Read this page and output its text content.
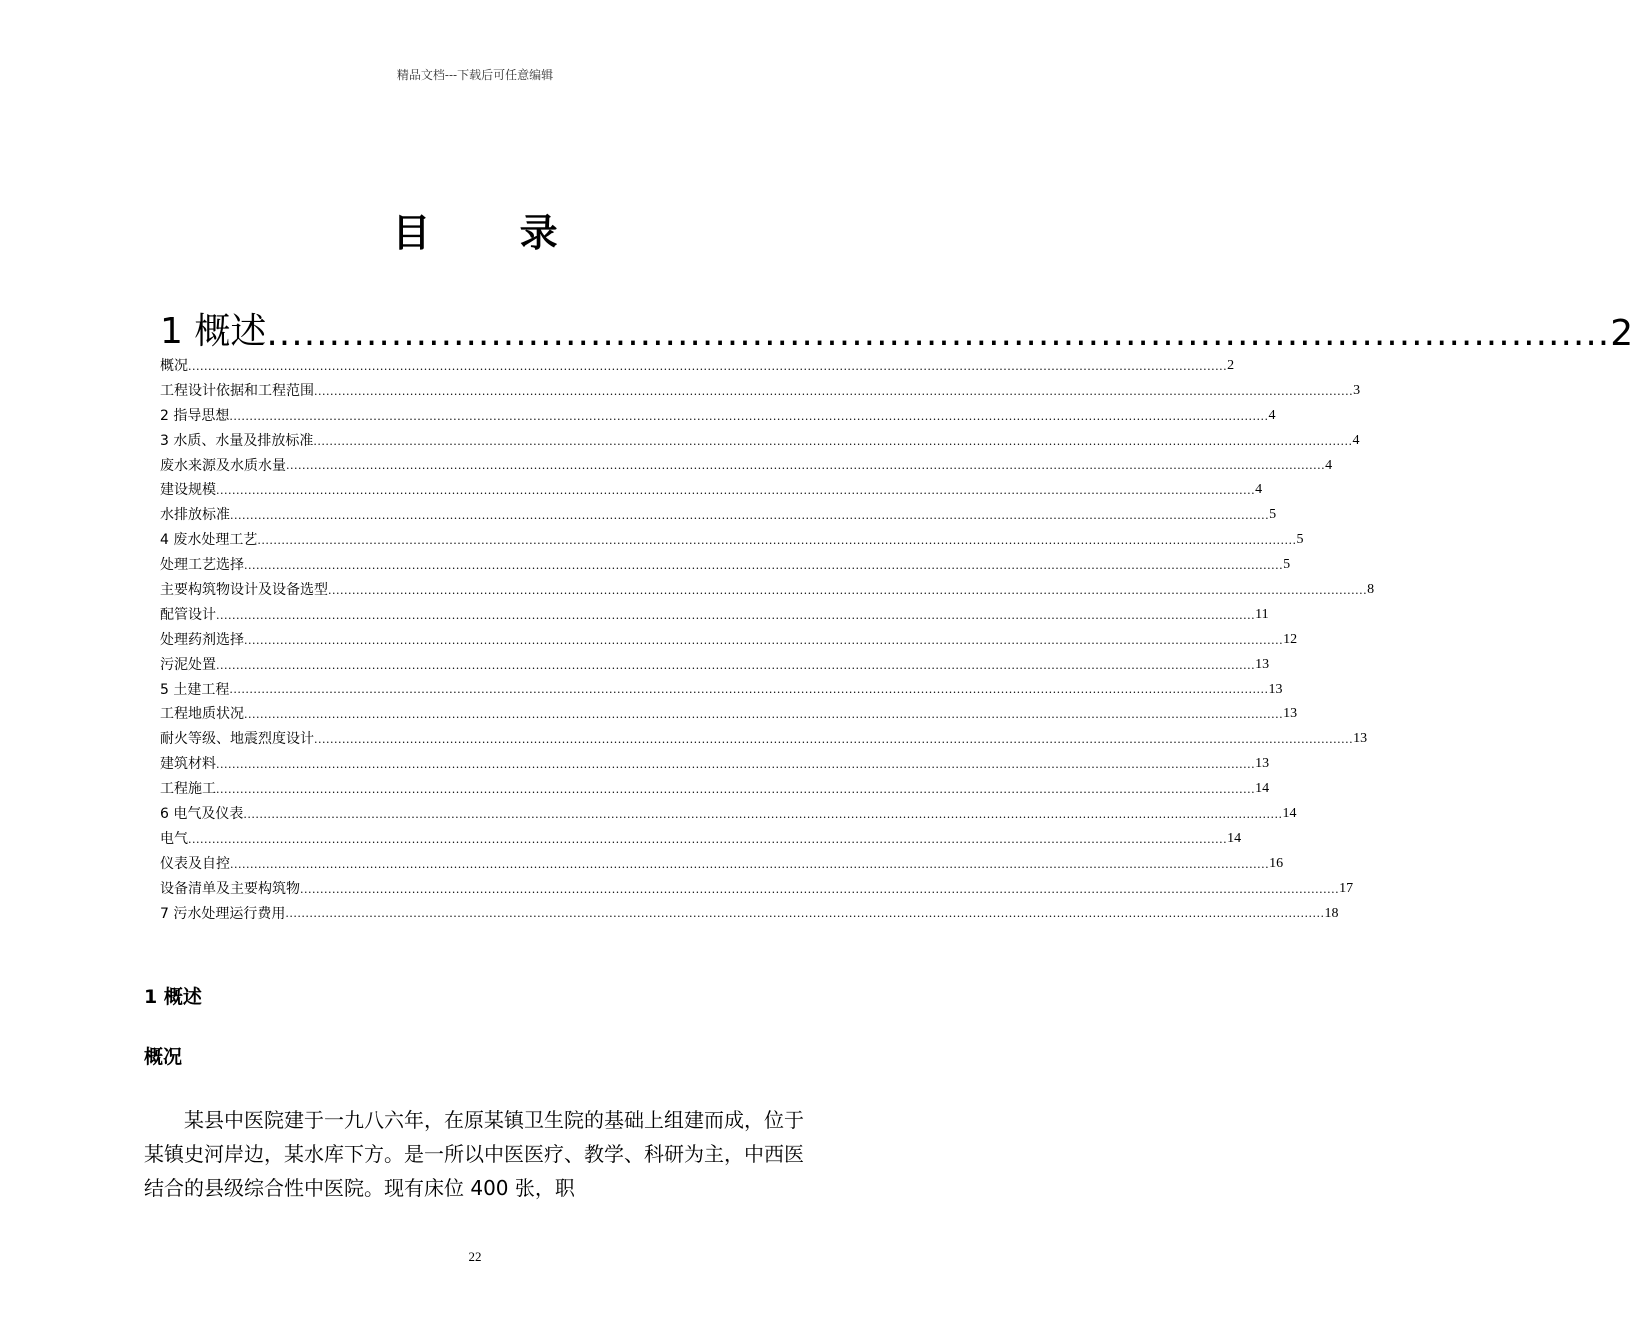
精品文档---下载后可任意编辑
目 录
1 概述 ............................................................................................................ 2
概况 .................................................................................................................................................................................................................................................................... 2
工程设计依据和工程范围 .................................................................................................................................................................................................................................................................... 3
2 指导思想 .................................................................................................................................................................................................................................................................... 4
3 水质、水量及排放标准 .................................................................................................................................................................................................................................................................... 4
废水来源及水质水量 .................................................................................................................................................................................................................................................................... 4
建设规模 .................................................................................................................................................................................................................................................................... 4
水排放标准 .................................................................................................................................................................................................................................................................... 5
4 废水处理工艺 .................................................................................................................................................................................................................................................................... 5
处理工艺选择 .................................................................................................................................................................................................................................................................... 5
主要构筑物设计及设备选型 .................................................................................................................................................................................................................................................................... 8
配管设计 .................................................................................................................................................................................................................................................................... 11
处理药剂选择 .................................................................................................................................................................................................................................................................... 12
污泥处置 .................................................................................................................................................................................................................................................................... 13
5 土建工程 .................................................................................................................................................................................................................................................................... 13
工程地质状况 .................................................................................................................................................................................................................................................................... 13
耐火等级、地震烈度设计 .................................................................................................................................................................................................................................................................... 13
建筑材料 .................................................................................................................................................................................................................................................................... 13
工程施工 .................................................................................................................................................................................................................................................................... 14
6 电气及仪表 .................................................................................................................................................................................................................................................................... 14
电气 .................................................................................................................................................................................................................................................................... 14
仪表及自控 .................................................................................................................................................................................................................................................................... 16
设备清单及主要构筑物 .................................................................................................................................................................................................................................................................... 17
7 污水处理运行费用 .................................................................................................................................................................................................................................................................... 18
1 概述
概况

某县中医院建于一九八六年，在原某镇卫生院的基础上组建而成，位于某镇史河岸边，某水库下方。是一所以中医医疗、教学、科研为主，中西医结合的县级综合性中医院。现有床位 400 张，职

22
